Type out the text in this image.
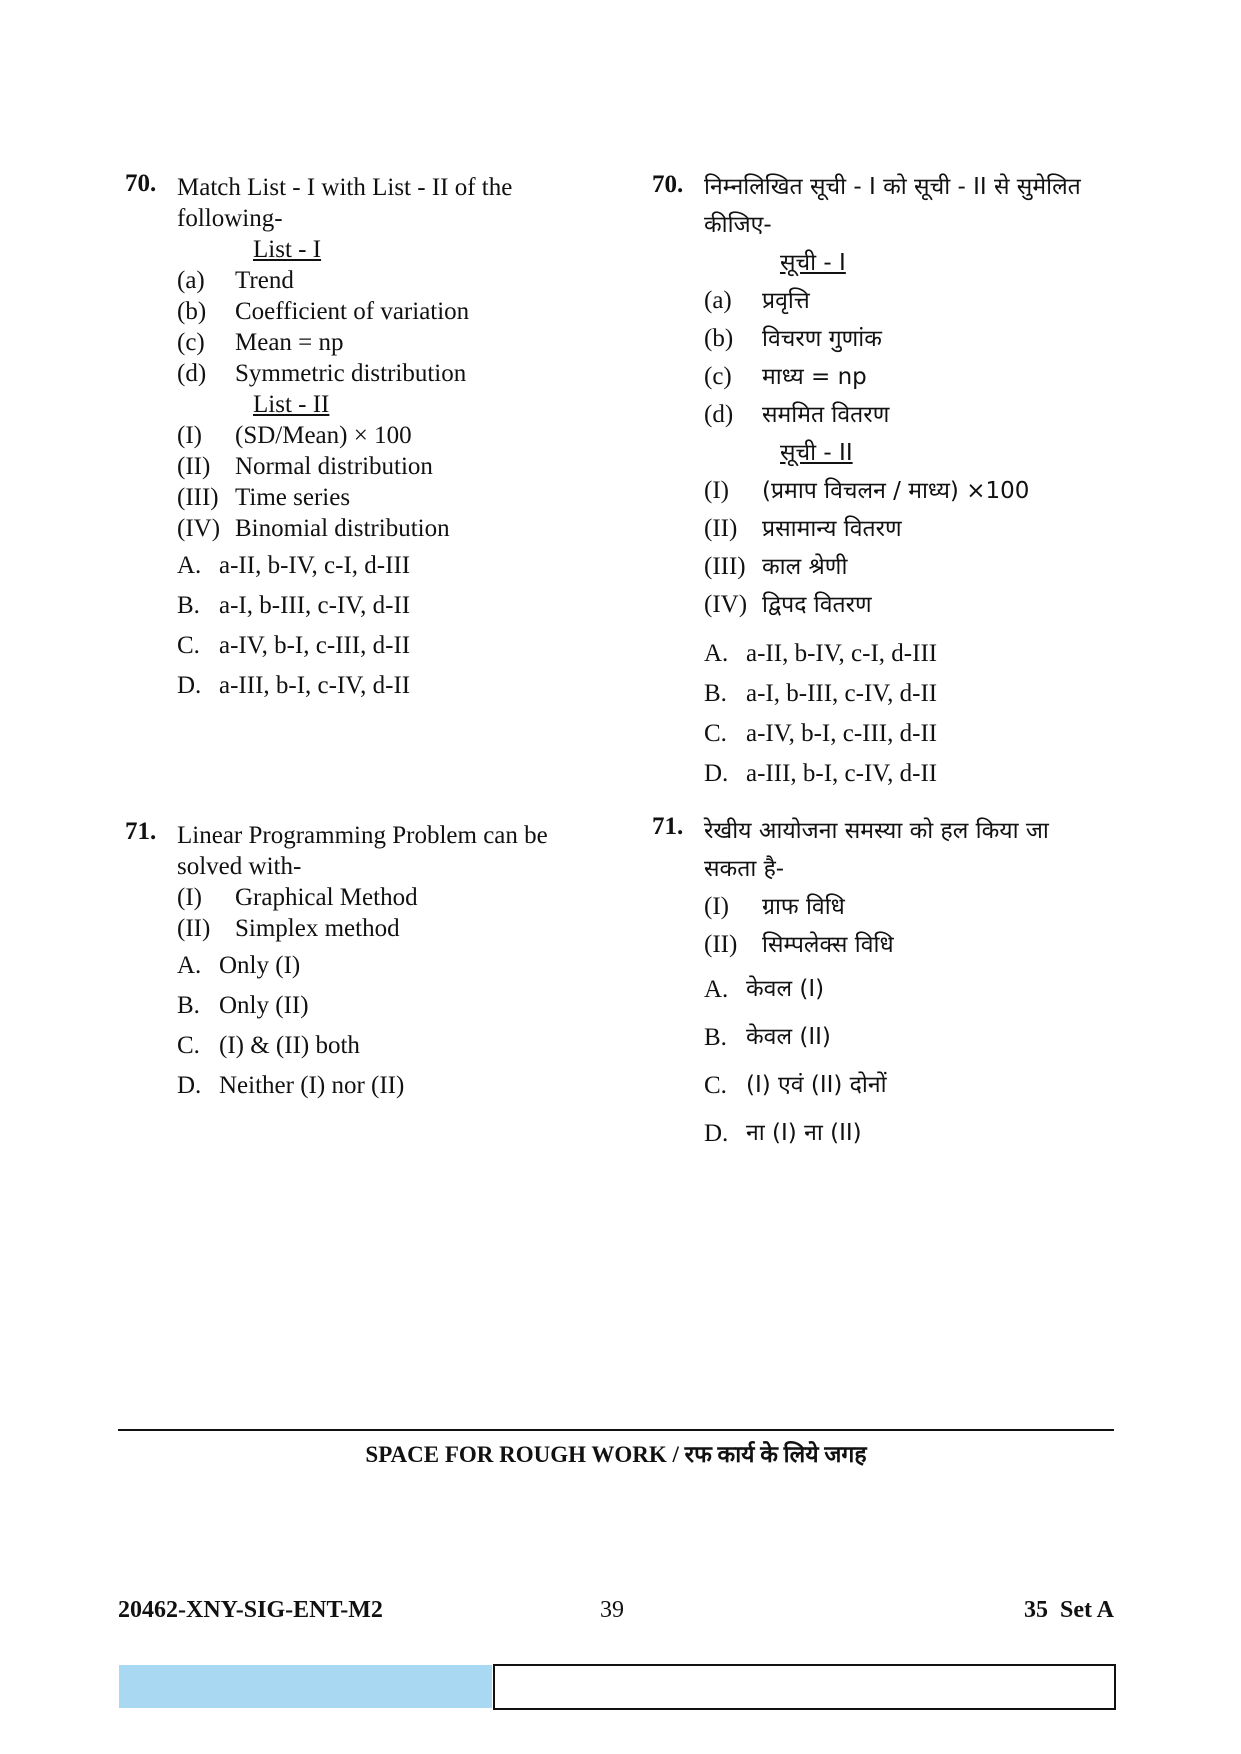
70. Match List - I with List - II of the
following-
List - I
(a)	Trend
(b)	Coefficient of variation
(c)	Mean = np
(d)	Symmetric distribution
List - II
(I)	(SD/Mean) × 100
(II) Normal distribution
(III) Time series
(IV) Binomial distribution
A. a-II, b-IV, c-I, d-III
B. a-I, b-III, c-IV, d-II
C. a-IV, b-I, c-III, d-II
D. a-III, b-I, c-IV, d-II
70. निम्नलिखित सूची - I को सूची - II से सुमेलित
कीजिए-
सूची - I
(a)	प्रवृत्ति
(b)	विचरण गुणांक
(c)	माध्य = np
(d)	सममित वितरण
सूची - II
(I)	(प्रमाप विचलन / माध्य) ×100
(II)	प्रसामान्य वितरण
(III) काल श्रेणी
(IV) द्विपद वितरण
A. a-II, b-IV, c-I, d-III
B. a-I, b-III, c-IV, d-II
C. a-IV, b-I, c-III, d-II
D. a-III, b-I, c-IV, d-II
71. Linear Programming Problem can be
solved with-
(I)	Graphical Method
(II) Simplex method
A. Only (I)
B. Only (II)
C. (I) & (II) both
D. Neither (I) nor (II)
71. रेखीय आयोजना समस्या को हल किया जा
सकता है-
(I)	ग्राफ विधि
(II)	सिम्पलेक्स विधि
A. केवल (I)
B. केवल (II)
C. (I) एवं (II) दोनों
D. ना (I) ना (II)
SPACE FOR ROUGH WORK / रफ कार्य के लिये जगह
20462-XNY-SIG-ENT-M2	39	35 Set A
